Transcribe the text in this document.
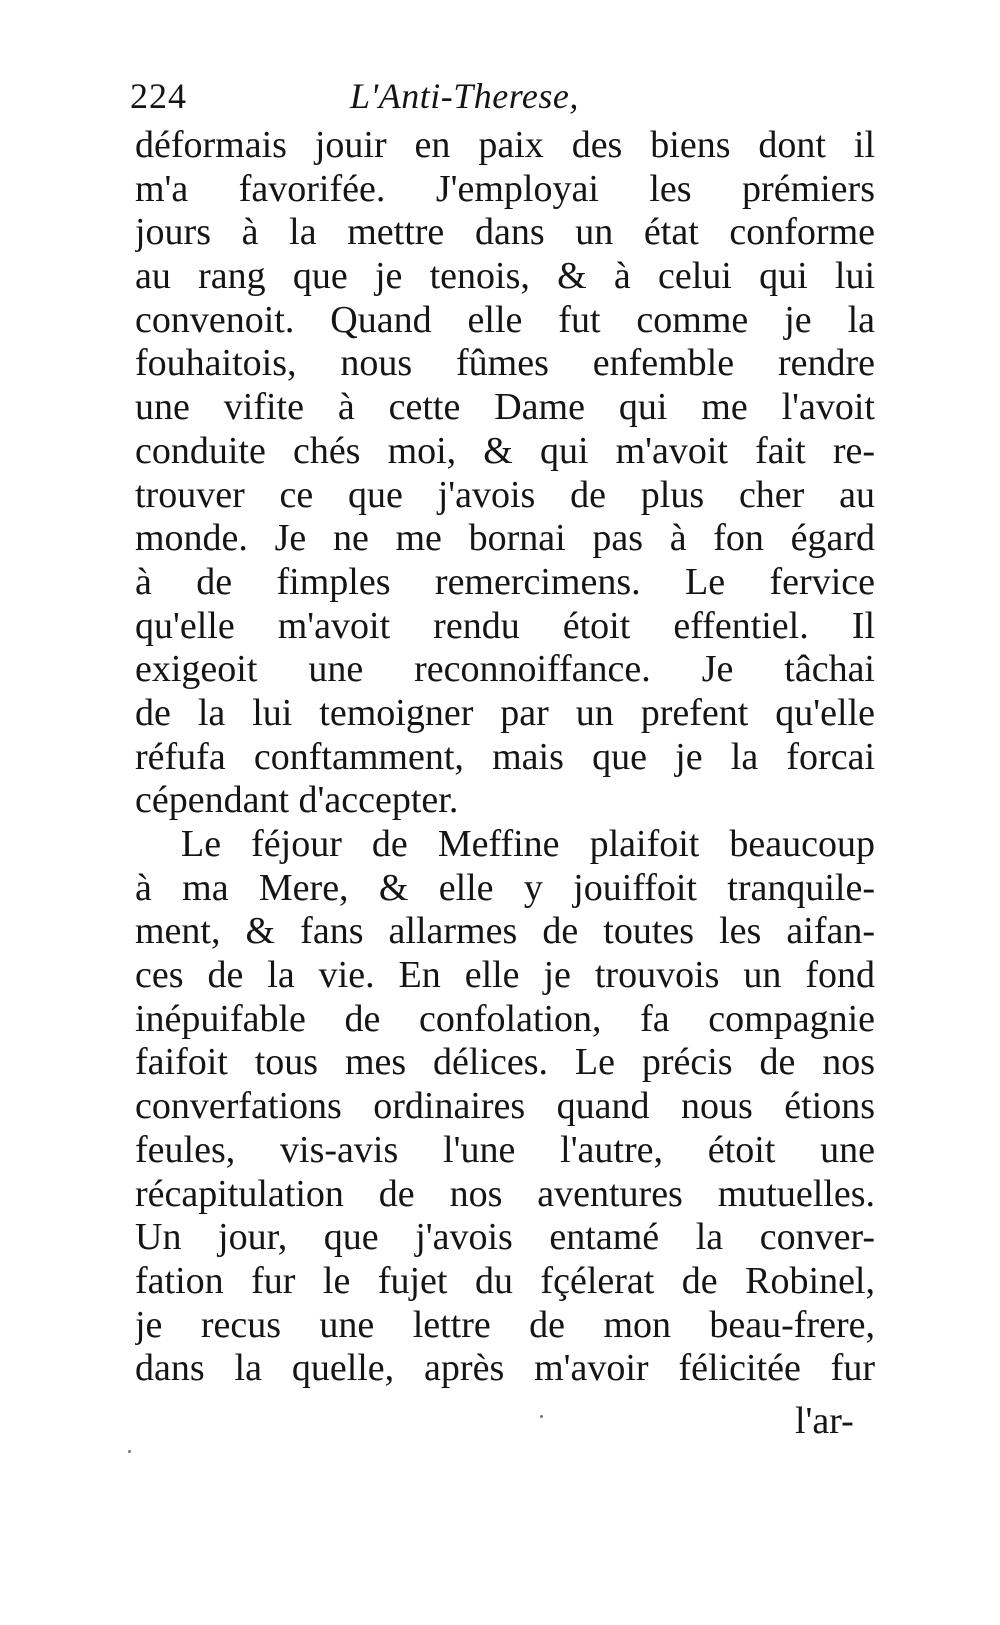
224	L'Anti-Therese,
déformais jouir en paix des biens dont il
m'a favorifée. J'employai les prémiers
jours à la mettre dans un état conforme
au rang que je tenois, & à celui qui lui
convenoit. Quand elle fut comme je la
fouhaitois, nous fûmes enfemble rendre
une vifite à cette Dame qui me l'avoit
conduite chés moi, & qui m'avoit fait re-
trouver ce que j'avois de plus cher au
monde. Je ne me bornai pas à fon égard
à de fimples remercimens. Le fervice
qu'elle m'avoit rendu étoit effentiel. Il
exigeoit une reconnoiffance. Je tâchai
de la lui temoigner par un prefent qu'elle
réfufa conftamment, mais que je la forcai
cépendant d'accepter.
Le féjour de Meffine plaifoit beaucoup
à ma Mere, & elle y jouiffoit tranquile-
ment, & fans allarmes de toutes les aifan-
ces de la vie. En elle je trouvois un fond
inépuifable de confolation, fa compagnie
faifoit tous mes délices. Le précis de nos
converfations ordinaires quand nous étions
feules, vis-avis l'une l'autre, étoit une
récapitulation de nos aventures mutuelles.
Un jour, que j'avois entamé la conver-
fation fur le fujet du fçélerat de Robinel,
je recus une lettre de mon beau-frere,
dans la quelle, après m'avoir félicitée fur
l'ar-
